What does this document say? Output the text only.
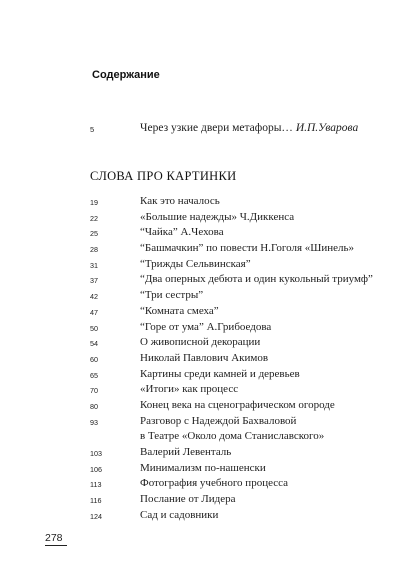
Содержание
5	Через узкие двери метафоры… И.П.Уварова
СЛОВА ПРО КАРТИНКИ
19	Как это началось
22	«Большие надежды» Ч.Диккенса
25	“Чайка” А.Чехова
28	“Башмачкин” по повести Н.Гоголя «Шинель»
31	“Трижды Сельвинская”
37	“Два оперных дебюта и один кукольный триумф”
42	“Три сестры”
47	“Комната смеха”
50	“Горе от ума” А.Грибоедова
54	О живописной декорации
60	Николай Павлович Акимов
65	Картины среди камней и деревьев
70	«Итоги» как процесс
80	Конец века на сценографическом огороде
93	Разговор с Надеждой Бахваловой
в Театре «Около дома Станиславского»
103	Валерий Левенталь
106	Минимализм по-нашенски
113	Фотография учебного процесса
116	Послание от Лидера
124	Сад и садовники
278
